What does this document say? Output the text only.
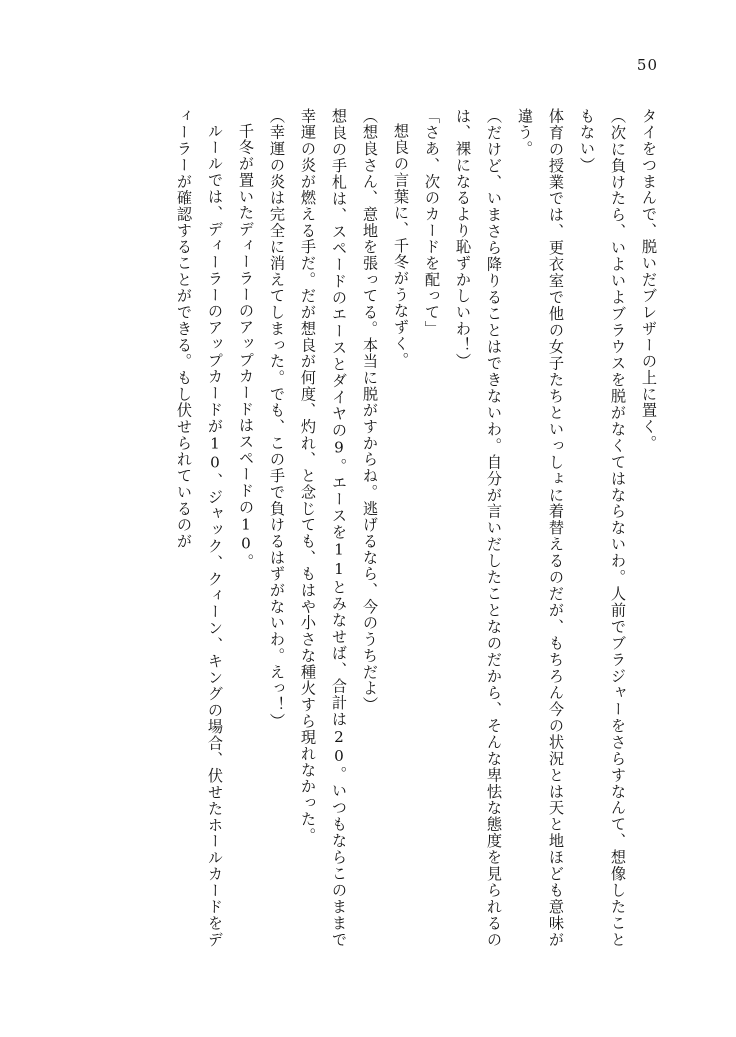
50

タイをつまんで、脱いだブレザーの上に置く。

（次に負けたら、いよいよブラウスを脱がなくてはならないわ。人前でブラジャーをさらすなんて、想像したこともない）

体育の授業では、更衣室で他の女子たちといっしょに着替えるのだが、もちろん今の状況とは天と地ほども意味が違う。

（だけど、いまさら降りることはできないわ。自分が言いだしたことなのだから、そんな卑怯な態度を見られるのは、裸になるより恥ずかしいわ！）

「さあ、次のカードを配って」

想良の言葉に、千冬がうなずく。

（想良さん、意地を張ってる。本当に脱がすからね。逃げるなら、今のうちだよ）

想良の手札は、スペードのエースとダイヤの9。エースを11とみなせば、合計は20。いつもならこのままで幸運の炎が燃える手だ。だが想良が何度、灼れ、と念じても、もはや小さな種火すら現れなかった。

（幸運の炎は完全に消えてしまった。でも、この手で負けるはずがないわ。えっ！）

千冬が置いたディーラーのアップカードはスペードの10。

ルールでは、ディーラーのアップカードが10、ジャック、クィーン、キングの場合、伏せたホールカードをディーラーが確認することができる。もし伏せられているのが
